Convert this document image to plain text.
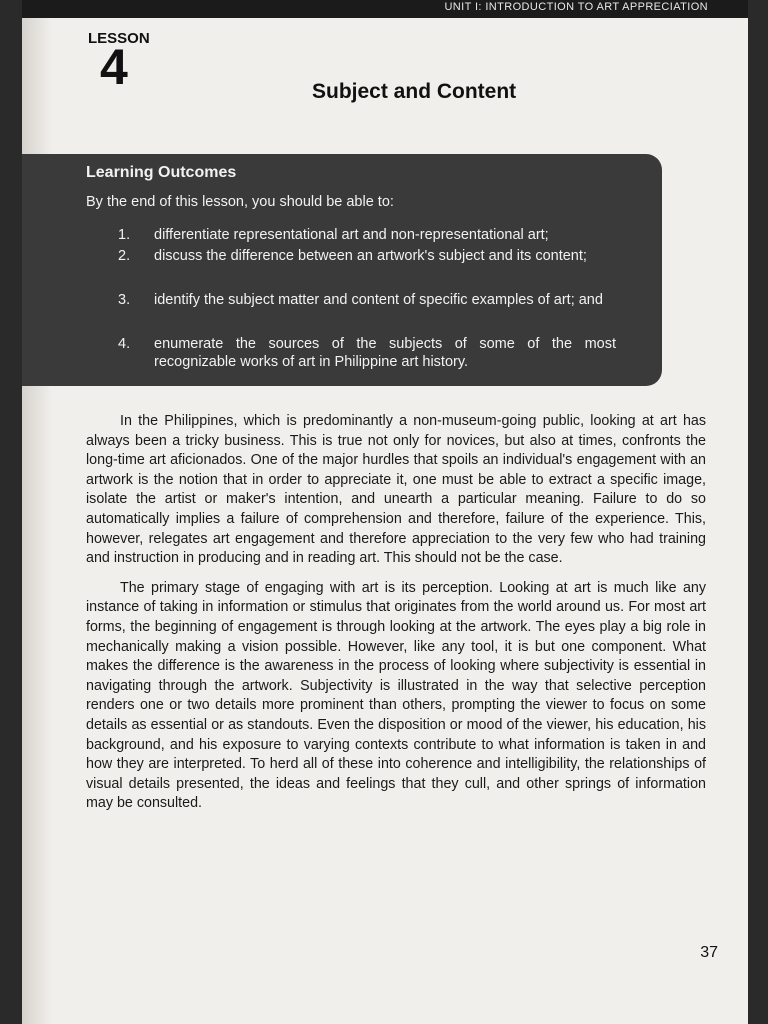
UNIT I: INTRODUCTION TO ART APPRECIATION
LESSON
4	Subject and Content
Learning Outcomes
By the end of this lesson, you should be able to:
1. differentiate representational art and non-representational art;
2. discuss the difference between an artwork's subject and its content;
3. identify the subject matter and content of specific examples of art; and
4. enumerate the sources of the subjects of some of the most recognizable works of art in Philippine art history.

In the Philippines, which is predominantly a non-museum-going public, looking at art has always been a tricky business. This is true not only for novices, but also at times, confronts the long-time art aficionados. One of the major hurdles that spoils an individual's engagement with an artwork is the notion that in order to appreciate it, one must be able to extract a specific image, isolate the artist or maker's intention, and unearth a particular meaning. Failure to do so automatically implies a failure of comprehension and therefore, failure of the experience. This, however, relegates art engagement and therefore appreciation to the very few who had training and instruction in producing and in reading art. This should not be the case.

The primary stage of engaging with art is its perception. Looking at art is much like any instance of taking in information or stimulus that originates from the world around us. For most art forms, the beginning of engagement is through looking at the artwork. The eyes play a big role in mechanically making a vision possible. However, like any tool, it is but one component. What makes the difference is the awareness in the process of looking where subjectivity is essential in navigating through the artwork. Subjectivity is illustrated in the way that selective perception renders one or two details more prominent than others, prompting the viewer to focus on some details as essential or as standouts. Even the disposition or mood of the viewer, his education, his background, and his exposure to varying contexts contribute to what information is taken in and how they are interpreted. To herd all of these into coherence and intelligibility, the relationships of visual details presented, the ideas and feelings that they cull, and other springs of information may be consulted.

37
